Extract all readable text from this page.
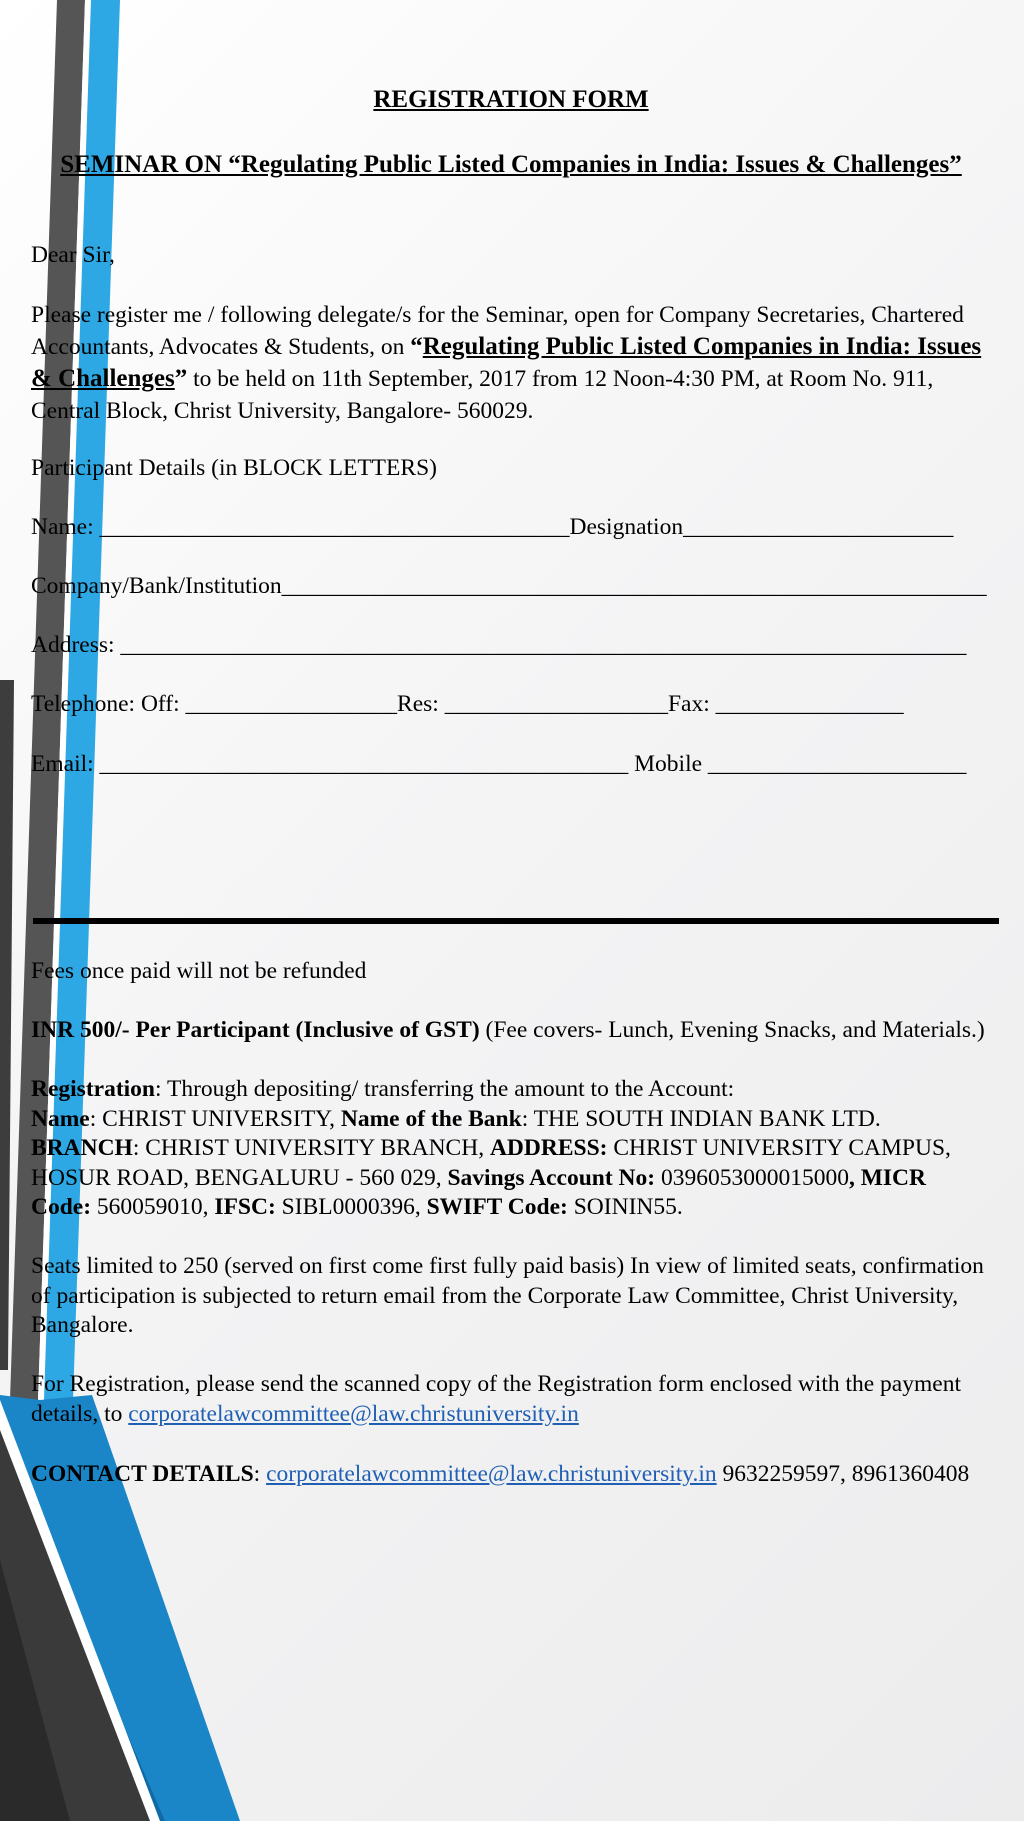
REGISTRATION FORM
SEMINAR ON “Regulating Public Listed Companies in India: Issues & Challenges”
Dear Sir,
Please register me / following delegate/s for the Seminar, open for Company Secretaries, Chartered Accountants, Advocates & Students, on “Regulating Public Listed Companies in India: Issues & Challenges” to be held on 11th September, 2017 from 12 Noon-4:30 PM, at Room No. 911, Central Block, Christ University, Bangalore- 560029.
Participant Details (in BLOCK LETTERS)
Name: ________________________________________Designation_______________________
Company/Bank/Institution____________________________________________________________
Address: ________________________________________________________________________
Telephone: Off: __________________Res: ___________________Fax: ________________
Email: _____________________________________________ Mobile ______________________
Fees once paid will not be refunded
INR 500/- Per Participant (Inclusive of GST) (Fee covers- Lunch, Evening Snacks, and Materials.)
Registration: Through depositing/ transferring the amount to the Account:
Name: CHRIST UNIVERSITY, Name of the Bank: THE SOUTH INDIAN BANK LTD.
BRANCH: CHRIST UNIVERSITY BRANCH, ADDRESS: CHRIST UNIVERSITY CAMPUS, HOSUR ROAD, BENGALURU - 560 029, Savings Account No: 0396053000015000, MICR Code: 560059010, IFSC: SIBL0000396, SWIFT Code: SOININ55.
Seats limited to 250 (served on first come first fully paid basis) In view of limited seats, confirmation of participation is subjected to return email from the Corporate Law Committee, Christ University, Bangalore.
For Registration, please send the scanned copy of the Registration form enclosed with the payment details, to corporatelawcommittee@law.christuniversity.in
CONTACT DETAILS: corporatelawcommittee@law.christuniversity.in 9632259597, 8961360408
